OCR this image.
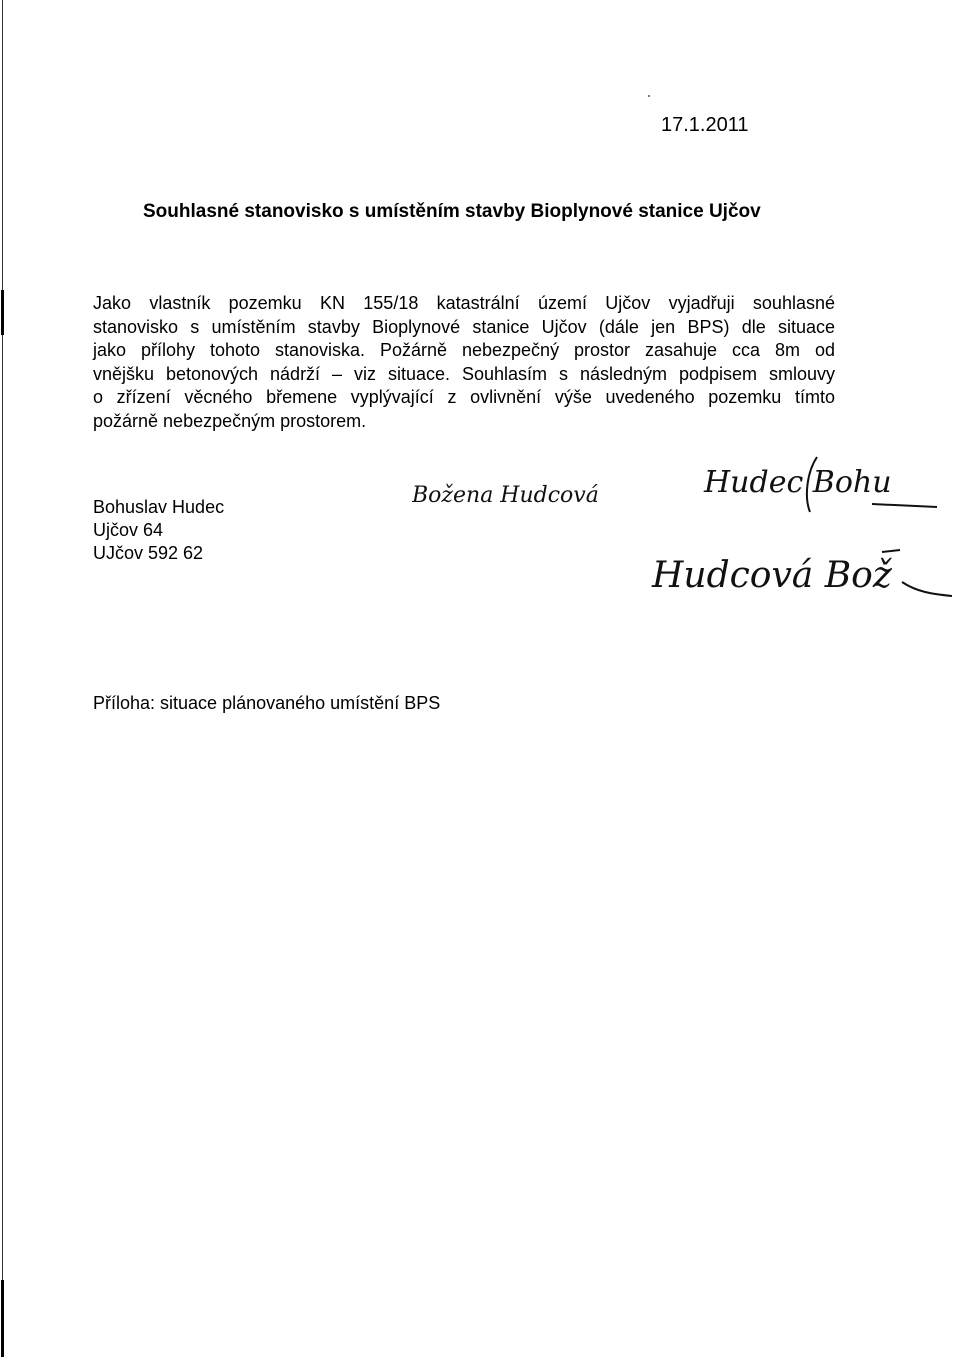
17.1.2011
Souhlasné stanovisko s umístěním stavby Bioplynové stanice Ujčov
Jako vlastník pozemku KN 155/18 katastrální území Ujčov vyjadřuji souhlasné
stanovisko s umístěním stavby Bioplynové stanice Ujčov (dále jen BPS) dle situace
jako přílohy tohoto stanoviska. Požárně nebezpečný prostor zasahuje cca 8m od
vnějšku betonových nádrží – viz situace. Souhlasím s následným podpisem smlouvy
o zřízení věcného břemene vyplývající z ovlivnění výše uvedeného pozemku tímto
požárně nebezpečným prostorem.
Bohuslav Hudec
Ujčov 64
UJčov 592 62
Božena Hudcová	Hudec Bohu
Hudcová Bož
Příloha: situace plánovaného umístění BPS
